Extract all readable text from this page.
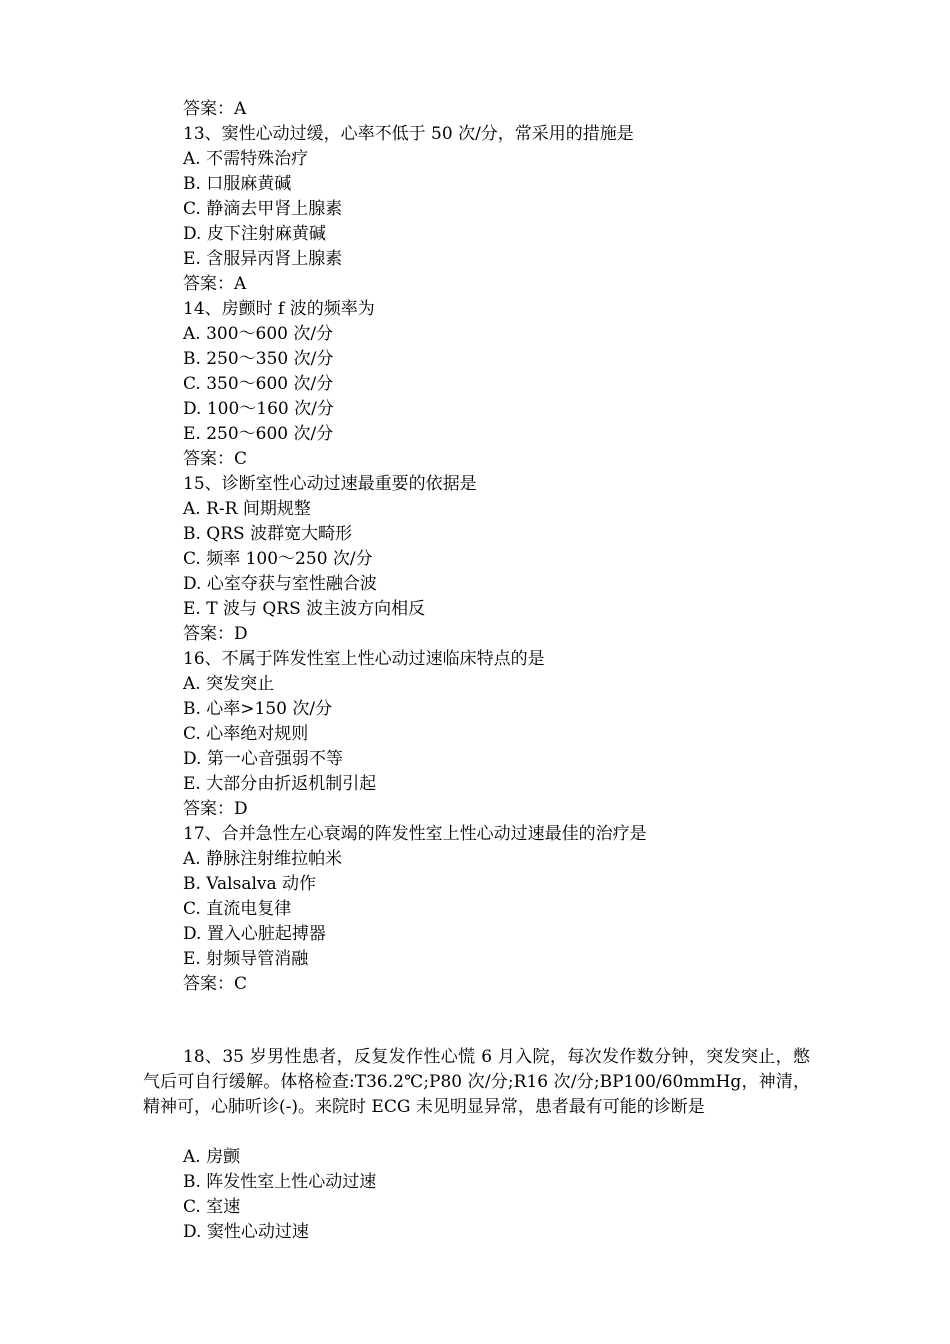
答案：A
13、窦性心动过缓，心率不低于 50 次/分，常采用的措施是
A. 不需特殊治疗
B. 口服麻黄碱
C. 静滴去甲肾上腺素
D. 皮下注射麻黄碱
E. 含服异丙肾上腺素
答案：A
14、房颤时 f 波的频率为
A. 300～600 次/分
B. 250～350 次/分
C. 350～600 次/分
D. 100～160 次/分
E. 250～600 次/分
答案：C
15、诊断室性心动过速最重要的依据是
A. R-R 间期规整
B. QRS 波群宽大畸形
C. 频率 100～250 次/分
D. 心室夺获与室性融合波
E. T 波与 QRS 波主波方向相反
答案：D
16、不属于阵发性室上性心动过速临床特点的是
A. 突发突止
B. 心率>150 次/分
C. 心率绝对规则
D. 第一心音强弱不等
E. 大部分由折返机制引起
答案：D
17、合并急性左心衰竭的阵发性室上性心动过速最佳的治疗是
A. 静脉注射维拉帕米
B. Valsalva 动作
C. 直流电复律
D. 置入心脏起搏器
E. 射频导管消融
答案：C
18、35 岁男性患者，反复发作性心慌 6 月入院，每次发作数分钟，突发突止，憋气后可自行缓解。体格检查:T36.2℃;P80 次/分;R16 次/分;BP100/60mmHg，神清，精神可，心肺听诊(-)。来院时 ECG 未见明显异常，患者最有可能的诊断是
A. 房颤
B. 阵发性室上性心动过速
C. 室速
D. 窦性心动过速
